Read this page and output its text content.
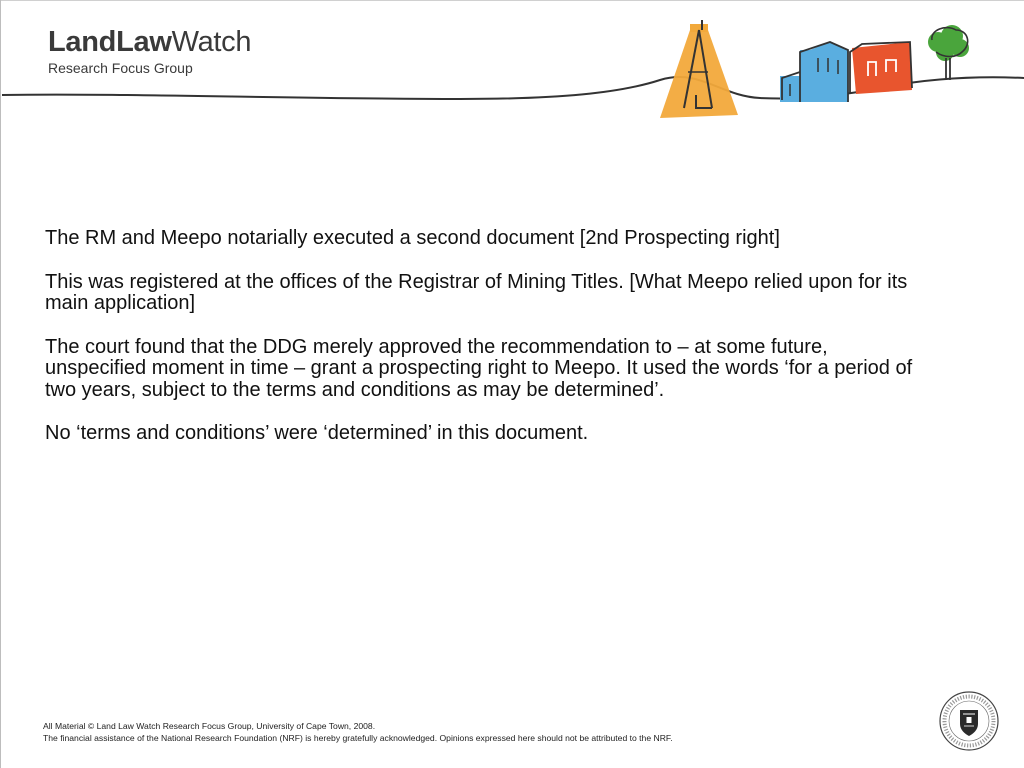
LandLawWatch
Research Focus Group

The RM and Meepo notarially executed a second document [2nd Prospecting right]

This was registered at the offices of the Registrar of Mining Titles. [What Meepo relied upon for its main application]

The court found that the DDG merely approved the recommendation to – at some future, unspecified moment in time – grant a prospecting right to Meepo. It used the words ‘for a period of two years, subject to the terms and conditions as may be determined’.

No ‘terms and conditions’ were ‘determined’ in this document.

All Material © Land Law Watch Research Focus Group, University of Cape Town, 2008.
The financial assistance of the National Research Foundation (NRF) is hereby gratefully acknowledged. Opinions expressed here should not be attributed to the NRF.
